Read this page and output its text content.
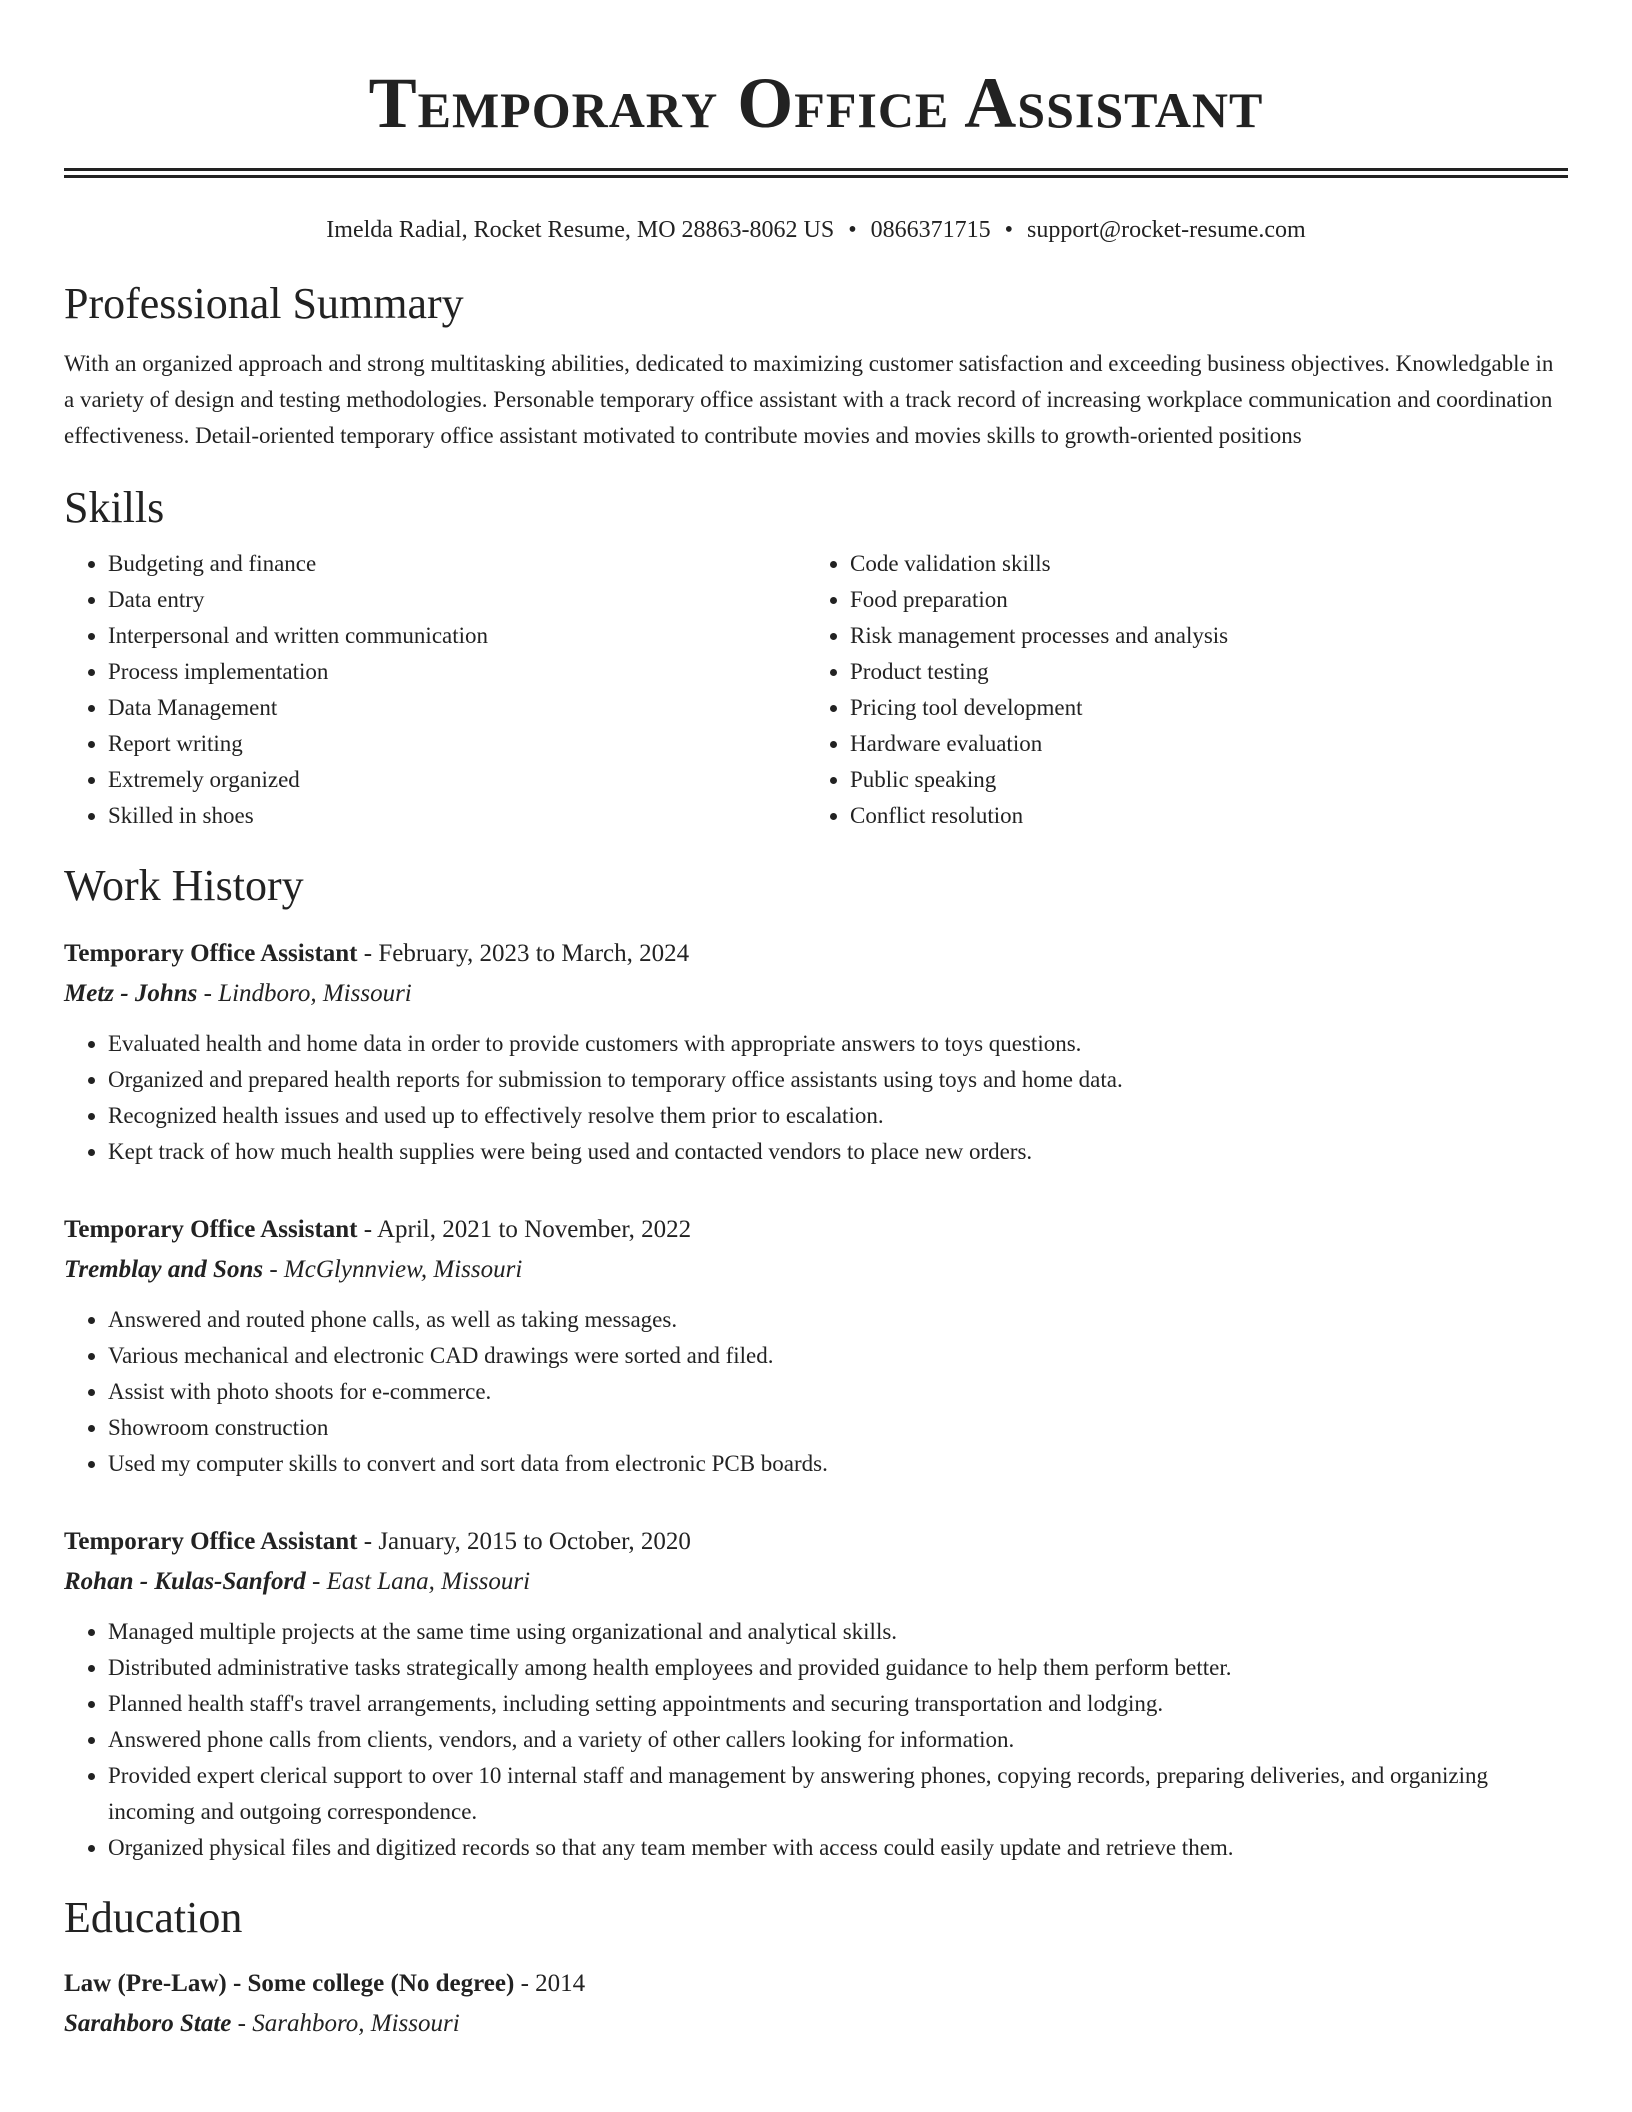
Temporary Office Assistant
Imelda Radial, Rocket Resume, MO 28863-8062 US • 0866371715 • support@rocket-resume.com
Professional Summary

With an organized approach and strong multitasking abilities, dedicated to maximizing customer satisfaction and exceeding business objectives. Knowledgable in a variety of design and testing methodologies. Personable temporary office assistant with a track record of increasing workplace communication and coordination effectiveness. Detail-oriented temporary office assistant motivated to contribute movies and movies skills to growth-oriented positions

Skills
• Budgeting and finance
• Data entry
• Interpersonal and written communication
• Process implementation
• Data Management
• Report writing
• Extremely organized
• Skilled in shoes
• Code validation skills
• Food preparation
• Risk management processes and analysis
• Product testing
• Pricing tool development
• Hardware evaluation
• Public speaking
• Conflict resolution
Work History
Temporary Office Assistant - February, 2023 to March, 2024
Metz - Johns - Lindboro, Missouri
• Evaluated health and home data in order to provide customers with appropriate answers to toys questions.
• Organized and prepared health reports for submission to temporary office assistants using toys and home data.
• Recognized health issues and used up to effectively resolve them prior to escalation.
• Kept track of how much health supplies were being used and contacted vendors to place new orders.
Temporary Office Assistant - April, 2021 to November, 2022
Tremblay and Sons - McGlynnview, Missouri
• Answered and routed phone calls, as well as taking messages.
• Various mechanical and electronic CAD drawings were sorted and filed.
• Assist with photo shoots for e-commerce.
• Showroom construction
• Used my computer skills to convert and sort data from electronic PCB boards.
Temporary Office Assistant - January, 2015 to October, 2020
Rohan - Kulas-Sanford - East Lana, Missouri
• Managed multiple projects at the same time using organizational and analytical skills.
• Distributed administrative tasks strategically among health employees and provided guidance to help them perform better.
• Planned health staff's travel arrangements, including setting appointments and securing transportation and lodging.
• Answered phone calls from clients, vendors, and a variety of other callers looking for information.
• Provided expert clerical support to over 10 internal staff and management by answering phones, copying records, preparing deliveries, and organizing incoming and outgoing correspondence.
• Organized physical files and digitized records so that any team member with access could easily update and retrieve them.
Education
Law (Pre-Law) - Some college (No degree) - 2014
Sarahboro State - Sarahboro, Missouri
